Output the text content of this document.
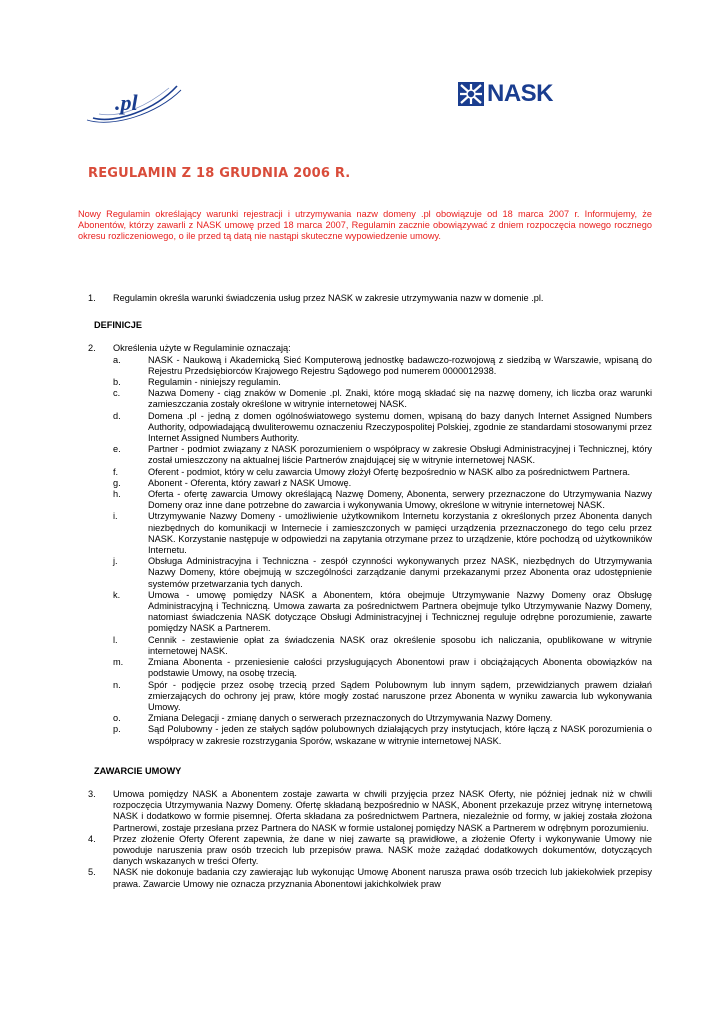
.pl	NASK
REGULAMIN Z 18 GRUDNIA 2006 R.

Nowy Regulamin określający warunki rejestracji i utrzymywania nazw domeny .pl obowiązuje od 18 marca 2007 r. Informujemy, że Abonentów, którzy zawarli z NASK umowę przed 18 marca 2007, Regulamin zacznie obowiązywać z dniem rozpoczęcia nowego rocznego okresu rozliczeniowego, o ile przed tą datą nie nastąpi skuteczne wypowiedzenie umowy.

1.	Regulamin określa warunki świadczenia usług przez NASK w zakresie utrzymywania nazw w domenie .pl.
DEFINICJE
2.	Określenia użyte w Regulaminie oznaczają:
a.	NASK - Naukową i Akademicką Sieć Komputerową jednostkę badawczo-rozwojową z siedzibą w Warszawie, wpisaną do Rejestru Przedsiębiorców Krajowego Rejestru Sądowego pod numerem 0000012938.
b.	Regulamin - niniejszy regulamin.
c.	Nazwa Domeny - ciąg znaków w Domenie .pl. Znaki, które mogą składać się na nazwę domeny, ich liczba oraz warunki zamieszczania zostały określone w witrynie internetowej NASK.
d.	Domena .pl - jedną z domen ogólnoświatowego systemu domen, wpisaną do bazy danych Internet Assigned Numbers Authority, odpowiadającą dwuliterowemu oznaczeniu Rzeczypospolitej Polskiej, zgodnie ze standardami stosowanymi przez Internet Assigned Numbers Authority.
e.	Partner - podmiot związany z NASK porozumieniem o współpracy w zakresie Obsługi Administracyjnej i Technicznej, który został umieszczony na aktualnej liście Partnerów znajdującej się w witrynie internetowej NASK.
f.	Oferent - podmiot, który w celu zawarcia Umowy złożył Ofertę bezpośrednio w NASK albo za pośrednictwem Partnera.
g.	Abonent - Oferenta, który zawarł z NASK Umowę.
h.	Oferta - ofertę zawarcia Umowy określającą Nazwę Domeny, Abonenta, serwery przeznaczone do Utrzymywania Nazwy Domeny oraz inne dane potrzebne do zawarcia i wykonywania Umowy, określone w witrynie internetowej NASK.
i.	Utrzymywanie Nazwy Domeny - umożliwienie użytkownikom Internetu korzystania z określonych przez Abonenta danych niezbędnych do komunikacji w Internecie i zamieszczonych w pamięci urządzenia przeznaczonego do tego celu przez NASK. Korzystanie następuje w odpowiedzi na zapytania otrzymane przez to urządzenie, które pochodzą od użytkowników Internetu.
j.	Obsługa Administracyjna i Techniczna - zespół czynności wykonywanych przez NASK, niezbędnych do Utrzymywania Nazwy Domeny, które obejmują w szczególności zarządzanie danymi przekazanymi przez Abonenta oraz udostępnienie systemów przetwarzania tych danych.
k.	Umowa - umowę pomiędzy NASK a Abonentem, która obejmuje Utrzymywanie Nazwy Domeny oraz Obsługę Administracyjną i Techniczną. Umowa zawarta za pośrednictwem Partnera obejmuje tylko Utrzymywanie Nazwy Domeny, natomiast świadczenia NASK dotyczące Obsługi Administracyjnej i Technicznej reguluje odrębne porozumienie, zawarte pomiędzy NASK a Partnerem.
l.	Cennik - zestawienie opłat za świadczenia NASK oraz określenie sposobu ich naliczania, opublikowane w witrynie internetowej NASK.
m.	Zmiana Abonenta - przeniesienie całości przysługujących Abonentowi praw i obciążających Abonenta obowiązków na podstawie Umowy, na osobę trzecią.
n.	Spór - podjęcie przez osobę trzecią przed Sądem Polubownym lub innym sądem, przewidzianych prawem działań zmierzających do ochrony jej praw, które mogły zostać naruszone przez Abonenta w wyniku zawarcia lub wykonywania Umowy.
o.	Zmiana Delegacji - zmianę danych o serwerach przeznaczonych do Utrzymywania Nazwy Domeny.
p.	Sąd Polubowny - jeden ze stałych sądów polubownych działających przy instytucjach, które łączą z NASK porozumienia o współpracy w zakresie rozstrzygania Sporów, wskazane w witrynie internetowej NASK.
ZAWARCIE UMOWY
3.	Umowa pomiędzy NASK a Abonentem zostaje zawarta w chwili przyjęcia przez NASK Oferty, nie później jednak niż w chwili rozpoczęcia Utrzymywania Nazwy Domeny. Ofertę składaną bezpośrednio w NASK, Abonent przekazuje przez witrynę internetową NASK i dodatkowo w formie pisemnej. Oferta składana za pośrednictwem Partnera, niezależnie od formy, w jakiej została złożona Partnerowi, zostaje przesłana przez Partnera do NASK w formie ustalonej pomiędzy NASK a Partnerem w odrębnym porozumieniu.
4.	Przez złożenie Oferty Oferent zapewnia, że dane w niej zawarte są prawidłowe, a złożenie Oferty i wykonywanie Umowy nie powoduje naruszenia praw osób trzecich lub przepisów prawa. NASK może zażądać dodatkowych dokumentów, dotyczących danych wskazanych w treści Oferty.
5.	NASK nie dokonuje badania czy zawierając lub wykonując Umowę Abonent narusza prawa osób trzecich lub jakiekolwiek przepisy prawa. Zawarcie Umowy nie oznacza przyznania Abonentowi jakichkolwiek praw
